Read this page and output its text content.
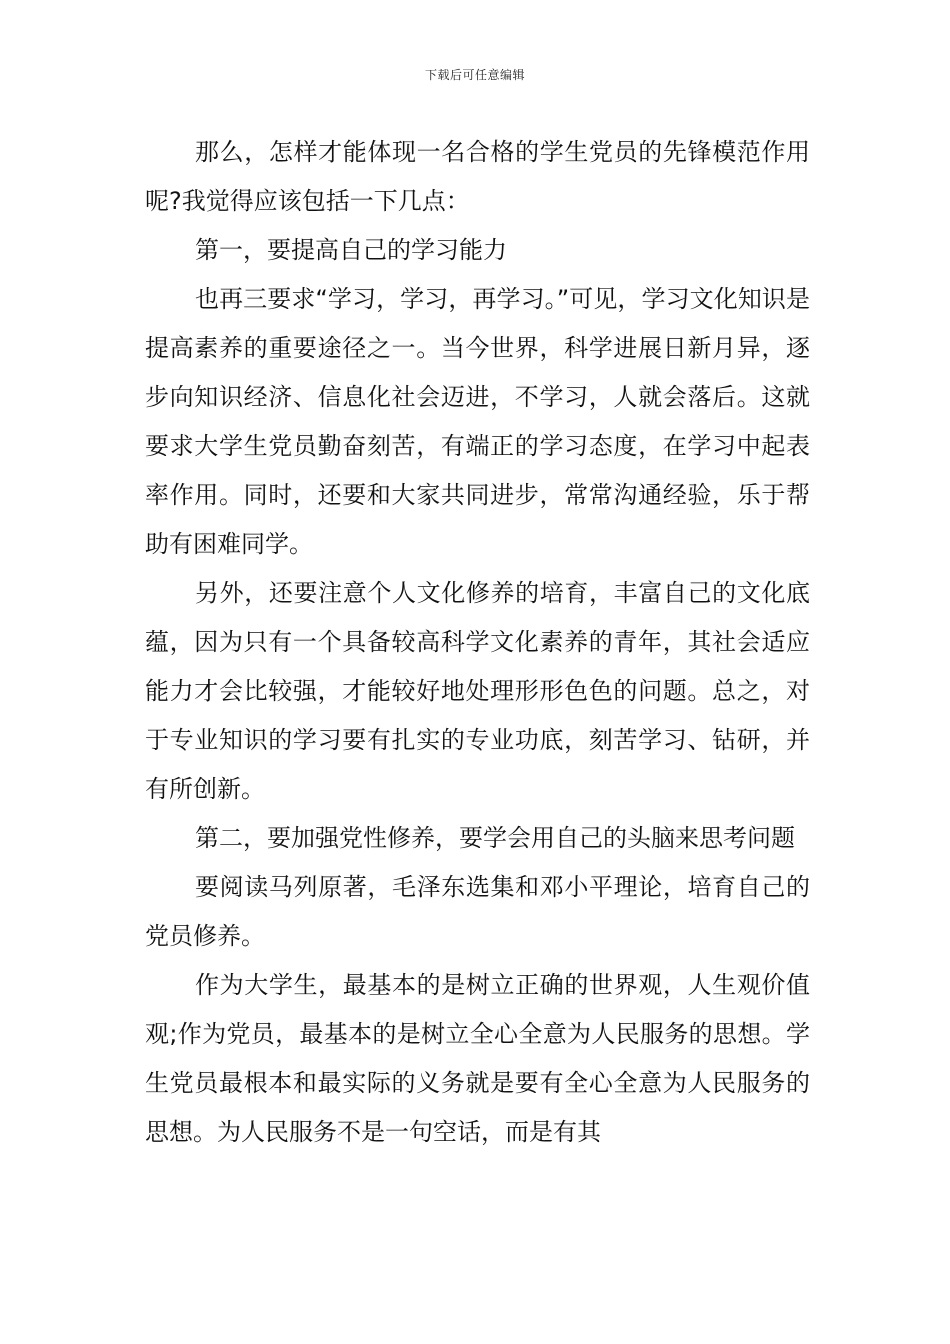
下载后可任意编辑

那么，怎样才能体现一名合格的学生党员的先锋模范作用呢?我觉得应该包括一下几点：

第一，要提高自己的学习能力

也再三要求“学习，学习，再学习。”可见，学习文化知识是提高素养的重要途径之一。当今世界，科学进展日新月异，逐步向知识经济、信息化社会迈进，不学习，人就会落后。这就要求大学生党员勤奋刻苦，有端正的学习态度，在学习中起表率作用。同时，还要和大家共同进步，常常沟通经验，乐于帮助有困难同学。

另外，还要注意个人文化修养的培育，丰富自己的文化底蕴，因为只有一个具备较高科学文化素养的青年，其社会适应能力才会比较强，才能较好地处理形形色色的问题。总之，对于专业知识的学习要有扎实的专业功底，刻苦学习、钻研，并有所创新。

第二，要加强党性修养，要学会用自己的头脑来思考问题

要阅读马列原著，毛泽东选集和邓小平理论，培育自己的党员修养。

作为大学生，最基本的是树立正确的世界观，人生观价值观;作为党员，最基本的是树立全心全意为人民服务的思想。学生党员最根本和最实际的义务就是要有全心全意为人民服务的思想。为人民服务不是一句空话，而是有其
